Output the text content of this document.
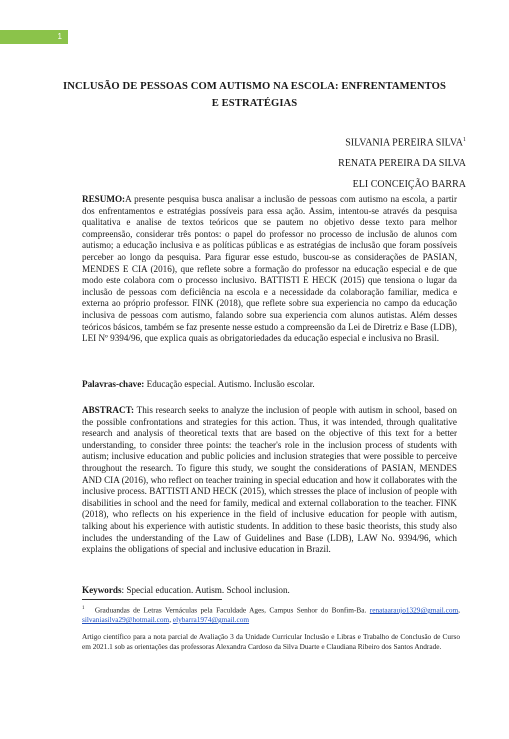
1
INCLUSÃO DE PESSOAS COM AUTISMO NA ESCOLA: ENFRENTAMENTOS E ESTRATÉGIAS
SILVANIA PEREIRA SILVA$^1$
RENATA PEREIRA DA SILVA
ELI CONCEIÇÃO BARRA
RESUMO:A presente pesquisa busca analisar a inclusão de pessoas com autismo na escola, a partir dos enfrentamentos e estratégias possíveis para essa ação. Assim, intentou-se através da pesquisa qualitativa e analise de textos teóricos que se pautem no objetivo desse texto para melhor compreensão, considerar três pontos: o papel do professor no processo de inclusão de alunos com autismo; a educação inclusiva e as políticas públicas e as estratégias de inclusão que foram possíveis perceber ao longo da pesquisa. Para figurar esse estudo, buscou-se as considerações de PASIAN, MENDES E CIA (2016), que reflete sobre a formação do professor na educação especial e de que modo este colabora com o processo inclusivo. BATTISTI E HECK (2015) que tensiona o lugar da inclusão de pessoas com deficiência na escola e a necessidade da colaboração familiar, medica e externa ao próprio professor. FINK (2018), que reflete sobre sua experiencia no campo da educação inclusiva de pessoas com autismo, falando sobre sua experiencia com alunos autistas. Além desses teóricos básicos, também se faz presente nesse estudo a compreensão da Lei de Diretriz e Base (LDB), LEI Nº 9394/96, que explica quais as obrigatoriedades da educação especial e inclusiva no Brasil.
Palavras-chave: Educação especial. Autismo. Inclusão escolar.
ABSTRACT: This research seeks to analyze the inclusion of people with autism in school, based on the possible confrontations and strategies for this action. Thus, it was intended, through qualitative research and analysis of theoretical texts that are based on the objective of this text for a better understanding, to consider three points: the teacher's role in the inclusion process of students with autism; inclusive education and public policies and inclusion strategies that were possible to perceive throughout the research. To figure this study, we sought the considerations of PASIAN, MENDES AND CIA (2016), who reflect on teacher training in special education and how it collaborates with the inclusive process. BATTISTI AND HECK (2015), which stresses the place of inclusion of people with disabilities in school and the need for family, medical and external collaboration to the teacher. FINK (2018), who reflects on his experience in the field of inclusive education for people with autism, talking about his experience with autistic students. In addition to these basic theorists, this study also includes the understanding of the Law of Guidelines and Base (LDB), LAW No. 9394/96, which explains the obligations of special and inclusive education in Brazil.
Keywords: Special education. Autism. School inclusion.
$^1$ Graduandas de Letras Vernáculas pela Faculdade Ages, Campus Senhor do Bonfim-Ba. renataaraujo1329@gmail.com, silvaniasilva29@hotmail.com, elybarra1974@gmail.com
Artigo científico para a nota parcial de Avaliação 3 da Unidade Curricular Inclusão e Libras e Trabalho de Conclusão de Curso em 2021.1 sob as orientações das professoras Alexandra Cardoso da Silva Duarte e Claudiana Ribeiro dos Santos Andrade.
